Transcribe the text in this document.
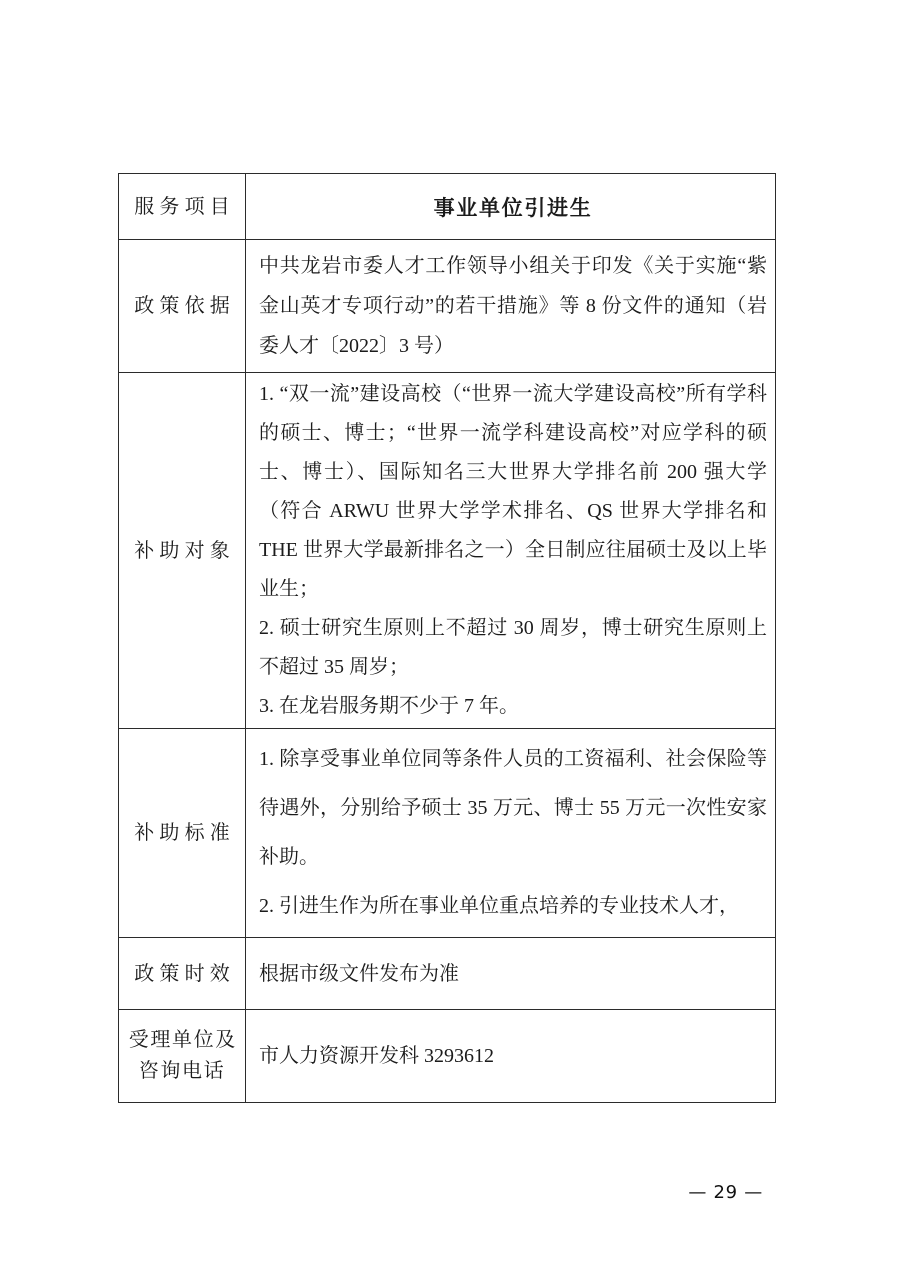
服务项目	事业单位引进生
政策依据	中共龙岩市委人才工作领导小组关于印发《关于实施“紫金山英才专项行动”的若干措施》等 8 份文件的通知（岩委人才〔2022〕3 号）

补助对象	1. “双一流”建设高校（“世界一流大学建设高校”所有学科的硕士、博士；“世界一流学科建设高校”对应学科的硕士、博士）、国际知名三大世界大学排名前 200 强大学（符合 ARWU 世界大学学术排名、QS 世界大学排名和 THE 世界大学最新排名之一）全日制应往届硕士及以上毕业生；

2. 硕士研究生原则上不超过 30 周岁，博士研究生原则上不超过 35 周岁；

3. 在龙岩服务期不少于 7 年。

补助标准	1. 除享受事业单位同等条件人员的工资福利、社会保险等待遇外，分别给予硕士 35 万元、博士 55 万元一次性安家补助。

2. 引进生作为所在事业单位重点培养的专业技术人才，

政策时效	根据市级文件发布为准
受理单位及咨询电话	市人力资源开发科 3293612
— 29 —
